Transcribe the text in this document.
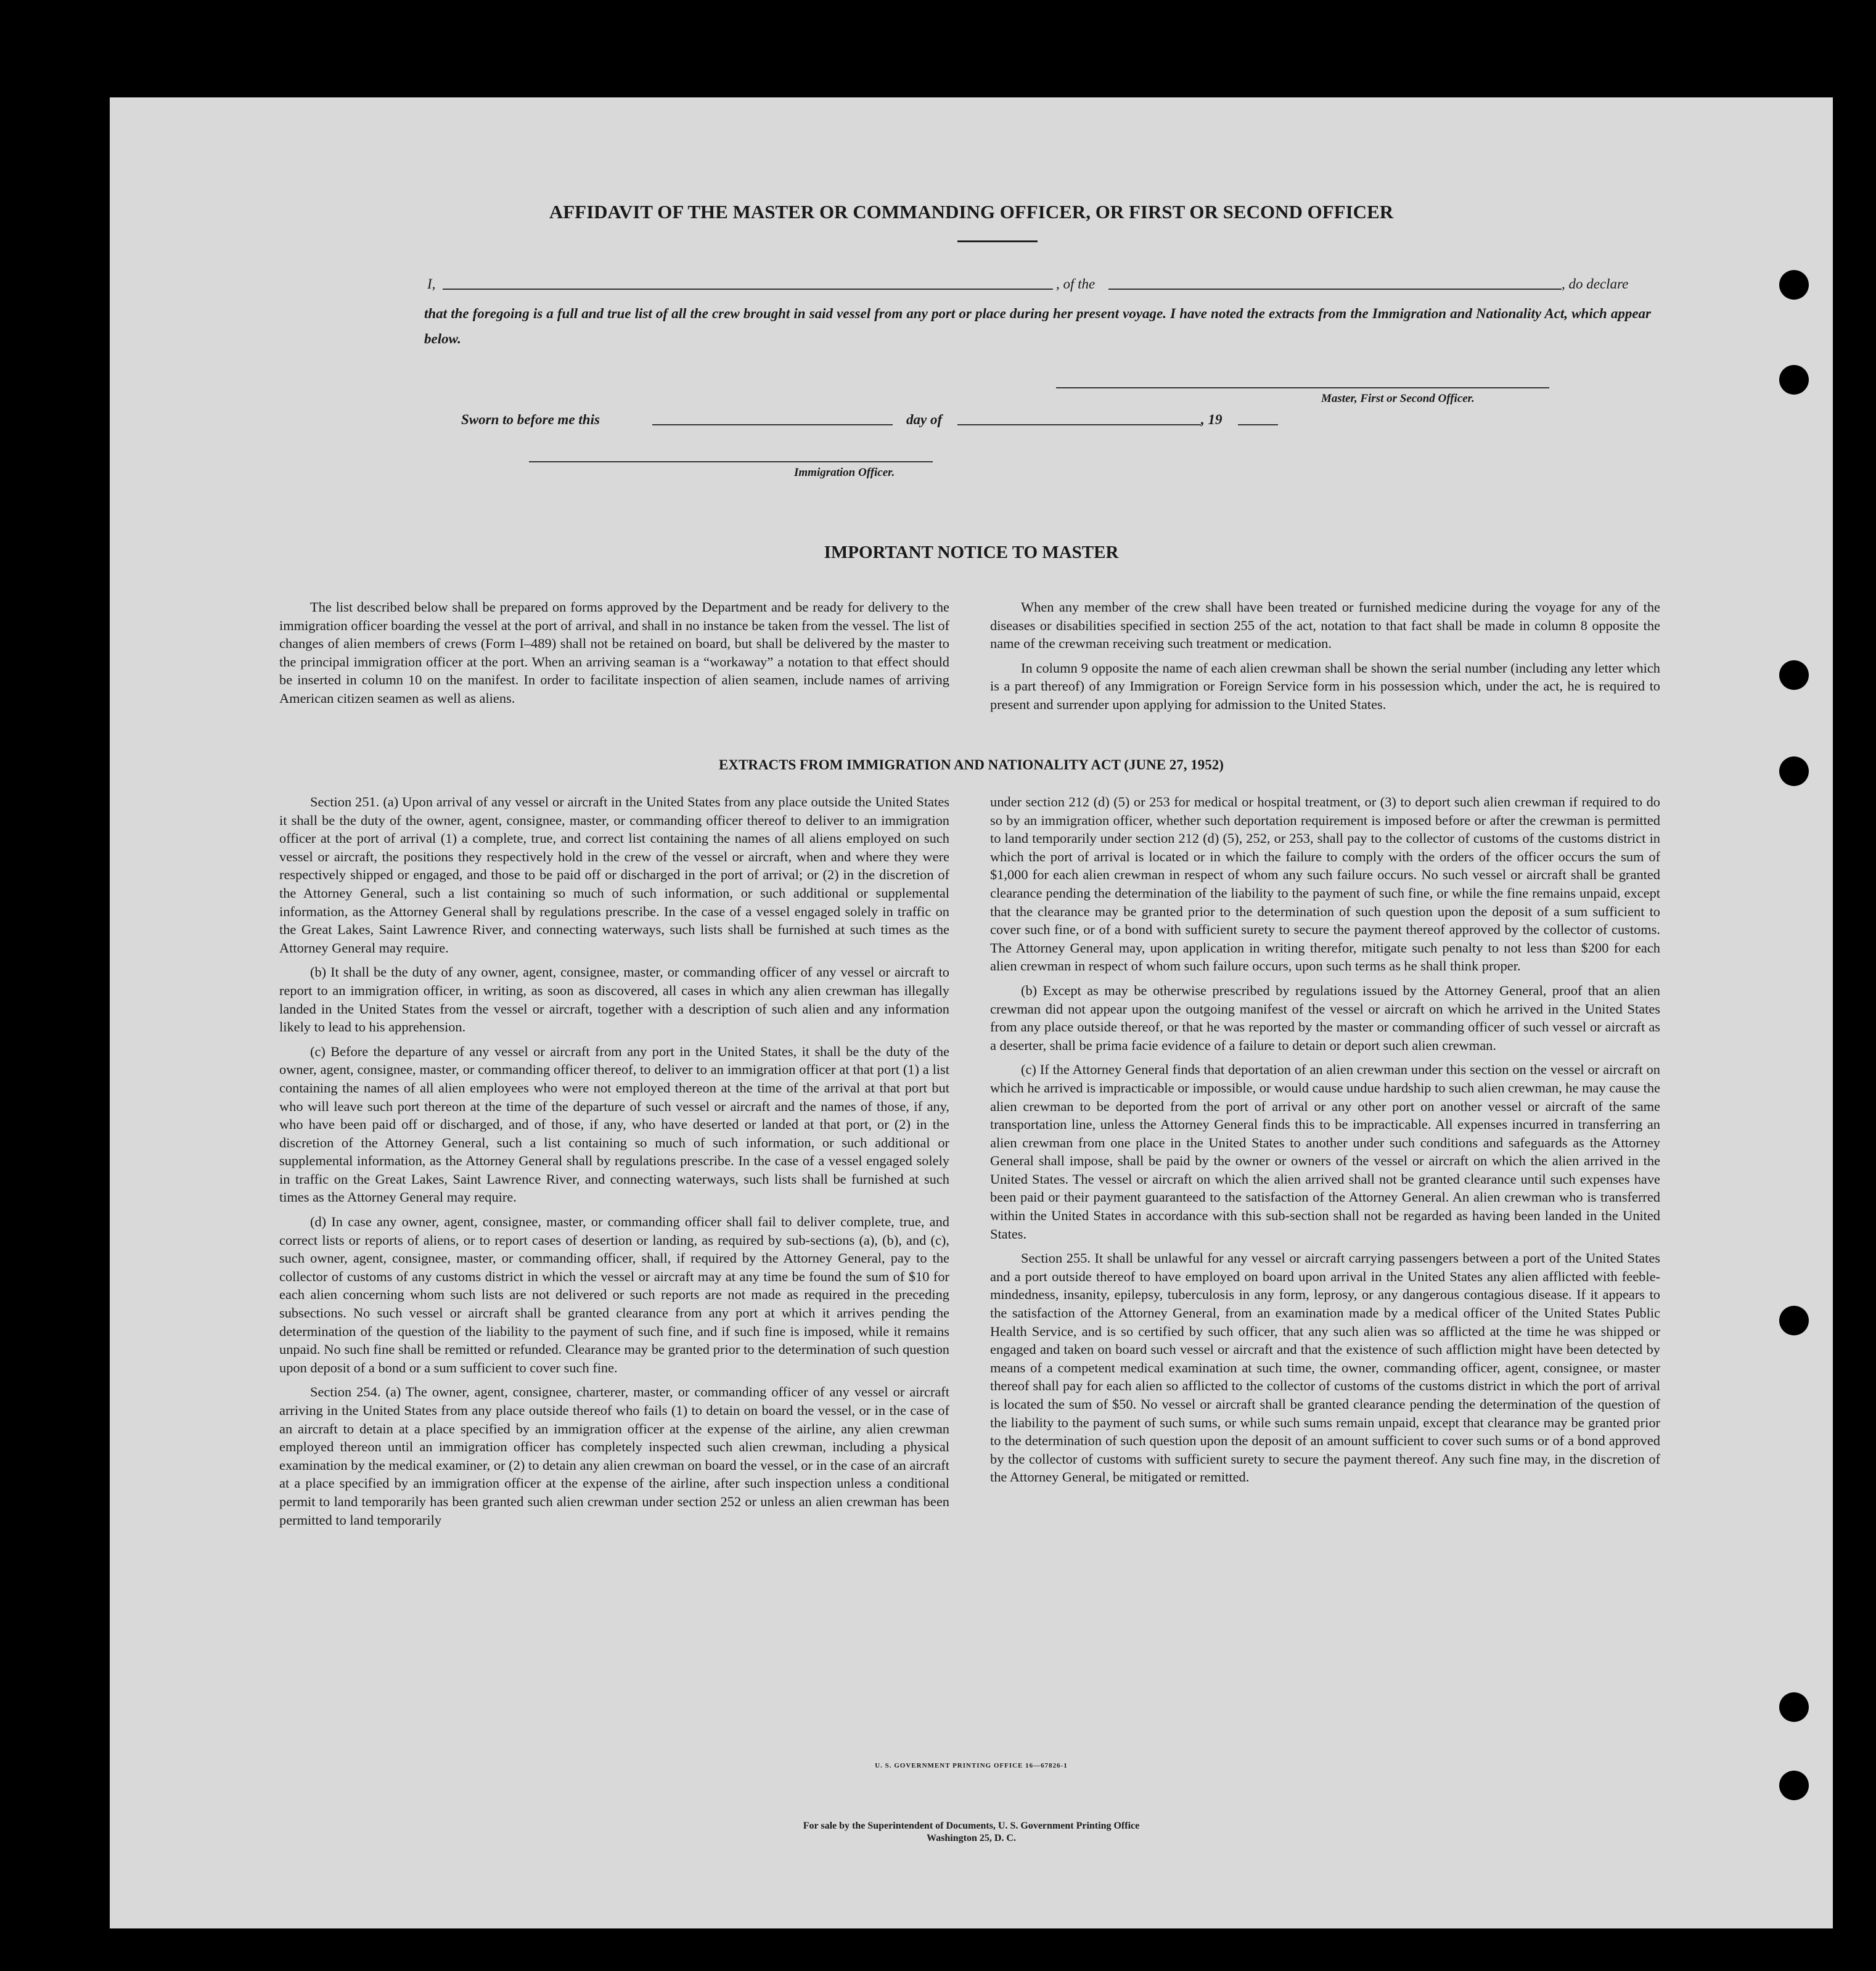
AFFIDAVIT OF THE MASTER OR COMMANDING OFFICER, OR FIRST OR SECOND OFFICER
I,	, of the	, do declare
that the foregoing is a full and true list of all the crew brought in said vessel from any port or place during her present voyage. I have noted the extracts from the Immigration and Nationality Act, which appear below.
Master, First or Second Officer.
Sworn to before me this	day of	, 19
Immigration Officer.
IMPORTANT NOTICE TO MASTER

The list described below shall be prepared on forms approved by the Department and be ready for delivery to the immigration officer boarding the vessel at the port of arrival, and shall in no instance be taken from the vessel. The list of changes of alien members of crews (Form I–489) shall not be retained on board, but shall be delivered by the master to the principal immigration officer at the port. When an arriving seaman is a “workaway” a notation to that effect should be inserted in column 10 on the manifest. In order to facilitate inspection of alien seamen, include names of arriving American citizen seamen as well as aliens.

When any member of the crew shall have been treated or furnished medicine during the voyage for any of the diseases or disabilities specified in section 255 of the act, notation to that fact shall be made in column 8 opposite the name of the crewman receiving such treatment or medication.

In column 9 opposite the name of each alien crewman shall be shown the serial number (including any letter which is a part thereof) of any Immigration or Foreign Service form in his possession which, under the act, he is required to present and surrender upon applying for admission to the United States.

EXTRACTS FROM IMMIGRATION AND NATIONALITY ACT (JUNE 27, 1952)

Section 251. (a) Upon arrival of any vessel or aircraft in the United States from any place outside the United States it shall be the duty of the owner, agent, consignee, master, or commanding officer thereof to deliver to an immigration officer at the port of arrival (1) a complete, true, and correct list containing the names of all aliens employed on such vessel or aircraft, the positions they respectively hold in the crew of the vessel or aircraft, when and where they were respectively shipped or engaged, and those to be paid off or discharged in the port of arrival; or (2) in the discretion of the Attorney General, such a list containing so much of such information, or such additional or supplemental information, as the Attorney General shall by regulations prescribe. In the case of a vessel engaged solely in traffic on the Great Lakes, Saint Lawrence River, and connecting waterways, such lists shall be furnished at such times as the Attorney General may require.

(b) It shall be the duty of any owner, agent, consignee, master, or commanding officer of any vessel or aircraft to report to an immigration officer, in writing, as soon as discovered, all cases in which any alien crewman has illegally landed in the United States from the vessel or aircraft, together with a description of such alien and any information likely to lead to his apprehension.

(c) Before the departure of any vessel or aircraft from any port in the United States, it shall be the duty of the owner, agent, consignee, master, or commanding officer thereof, to deliver to an immigration officer at that port (1) a list containing the names of all alien employees who were not employed thereon at the time of the arrival at that port but who will leave such port thereon at the time of the departure of such vessel or aircraft and the names of those, if any, who have been paid off or discharged, and of those, if any, who have deserted or landed at that port, or (2) in the discretion of the Attorney General, such a list containing so much of such information, or such additional or supplemental information, as the Attorney General shall by regulations prescribe. In the case of a vessel engaged solely in traffic on the Great Lakes, Saint Lawrence River, and connecting waterways, such lists shall be furnished at such times as the Attorney General may require.

(d) In case any owner, agent, consignee, master, or commanding officer shall fail to deliver complete, true, and correct lists or reports of aliens, or to report cases of desertion or landing, as required by sub-sections (a), (b), and (c), such owner, agent, consignee, master, or commanding officer, shall, if required by the Attorney General, pay to the collector of customs of any customs district in which the vessel or aircraft may at any time be found the sum of $10 for each alien concerning whom such lists are not delivered or such reports are not made as required in the preceding subsections. No such vessel or aircraft shall be granted clearance from any port at which it arrives pending the determination of the question of the liability to the payment of such fine, and if such fine is imposed, while it remains unpaid. No such fine shall be remitted or refunded. Clearance may be granted prior to the determination of such question upon deposit of a bond or a sum sufficient to cover such fine.

Section 254. (a) The owner, agent, consignee, charterer, master, or commanding officer of any vessel or aircraft arriving in the United States from any place outside thereof who fails (1) to detain on board the vessel, or in the case of an aircraft to detain at a place specified by an immigration officer at the expense of the airline, any alien crewman employed thereon until an immigration officer has completely inspected such alien crewman, including a physical examination by the medical examiner, or (2) to detain any alien crewman on board the vessel, or in the case of an aircraft at a place specified by an immigration officer at the expense of the airline, after such inspection unless a conditional permit to land temporarily has been granted such alien crewman under section 252 or unless an alien crewman has been permitted to land temporarily

under section 212 (d) (5) or 253 for medical or hospital treatment, or (3) to deport such alien crewman if required to do so by an immigration officer, whether such deportation requirement is imposed before or after the crewman is permitted to land temporarily under section 212 (d) (5), 252, or 253, shall pay to the collector of customs of the customs district in which the port of arrival is located or in which the failure to comply with the orders of the officer occurs the sum of $1,000 for each alien crewman in respect of whom any such failure occurs. No such vessel or aircraft shall be granted clearance pending the determination of the liability to the payment of such fine, or while the fine remains unpaid, except that the clearance may be granted prior to the determination of such question upon the deposit of a sum sufficient to cover such fine, or of a bond with sufficient surety to secure the payment thereof approved by the collector of customs. The Attorney General may, upon application in writing therefor, mitigate such penalty to not less than $200 for each alien crewman in respect of whom such failure occurs, upon such terms as he shall think proper.

(b) Except as may be otherwise prescribed by regulations issued by the Attorney General, proof that an alien crewman did not appear upon the outgoing manifest of the vessel or aircraft on which he arrived in the United States from any place outside thereof, or that he was reported by the master or commanding officer of such vessel or aircraft as a deserter, shall be prima facie evidence of a failure to detain or deport such alien crewman.

(c) If the Attorney General finds that deportation of an alien crewman under this section on the vessel or aircraft on which he arrived is impracticable or impossible, or would cause undue hardship to such alien crewman, he may cause the alien crewman to be deported from the port of arrival or any other port on another vessel or aircraft of the same transportation line, unless the Attorney General finds this to be impracticable. All expenses incurred in transferring an alien crewman from one place in the United States to another under such conditions and safeguards as the Attorney General shall impose, shall be paid by the owner or owners of the vessel or aircraft on which the alien arrived in the United States. The vessel or aircraft on which the alien arrived shall not be granted clearance until such expenses have been paid or their payment guaranteed to the satisfaction of the Attorney General. An alien crewman who is transferred within the United States in accordance with this sub-section shall not be regarded as having been landed in the United States.

Section 255. It shall be unlawful for any vessel or aircraft carrying passengers between a port of the United States and a port outside thereof to have employed on board upon arrival in the United States any alien afflicted with feeble-mindedness, insanity, epilepsy, tuberculosis in any form, leprosy, or any dangerous contagious disease. If it appears to the satisfaction of the Attorney General, from an examination made by a medical officer of the United States Public Health Service, and is so certified by such officer, that any such alien was so afflicted at the time he was shipped or engaged and taken on board such vessel or aircraft and that the existence of such affliction might have been detected by means of a competent medical examination at such time, the owner, commanding officer, agent, consignee, or master thereof shall pay for each alien so afflicted to the collector of customs of the customs district in which the port of arrival is located the sum of $50. No vessel or aircraft shall be granted clearance pending the determination of the question of the liability to the payment of such sums, or while such sums remain unpaid, except that clearance may be granted prior to the determination of such question upon the deposit of an amount sufficient to cover such sums or of a bond approved by the collector of customs with sufficient surety to secure the payment thereof. Any such fine may, in the discretion of the Attorney General, be mitigated or remitted.

U. S. GOVERNMENT PRINTING OFFICE 16—67826-1
For sale by the Superintendent of Documents, U. S. Government Printing Office
Washington 25, D. C.
